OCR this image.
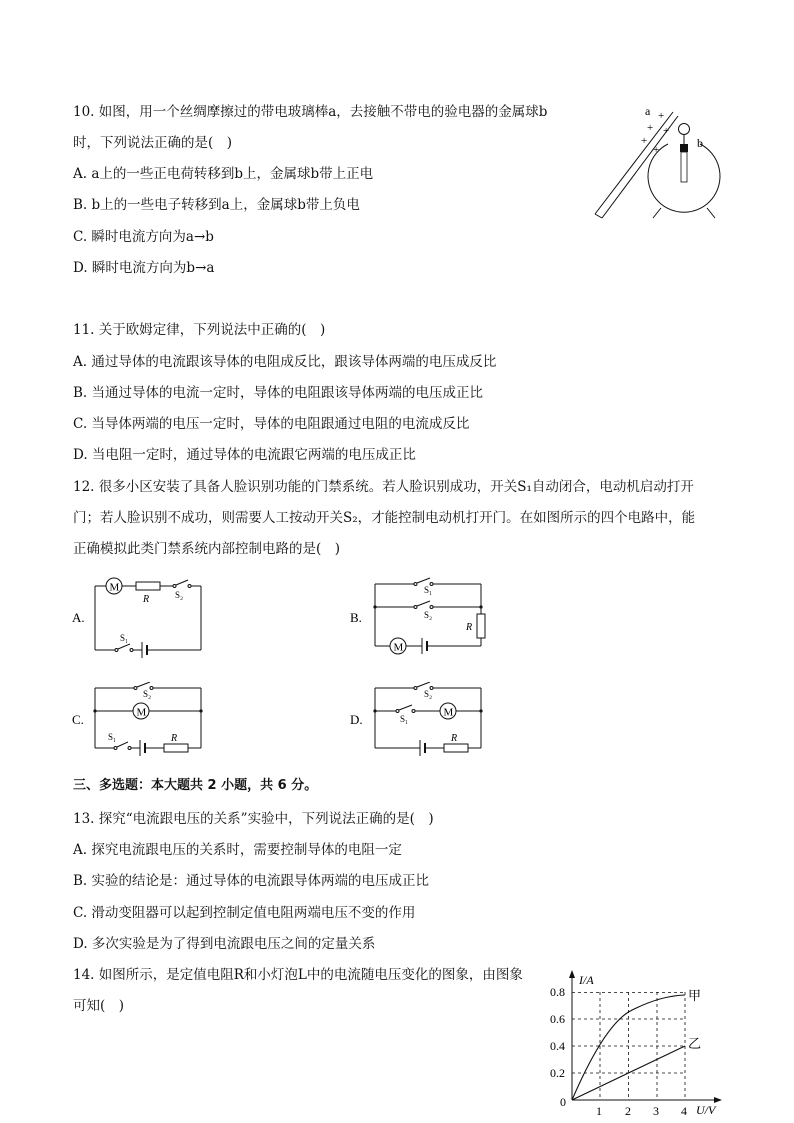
10. 如图，用一个丝绸摩擦过的带电玻璃棒a，去接触不带电的验电器的金属球b
时，下列说法正确的是(　)
A. a上的一些正电荷转移到b上，金属球b带上正电
B. b上的一些电子转移到a上，金属球b带上负电
C. 瞬时电流方向为a→b
D. 瞬时电流方向为b→a
a +
+ +
+
+	b
11. 关于欧姆定律，下列说法中正确的(　)
A. 通过导体的电流跟该导体的电阻成反比，跟该导体两端的电压成反比
B. 当通过导体的电流一定时，导体的电阻跟该导体两端的电压成正比
C. 当导体两端的电压一定时，导体的电阻跟通过电阻的电流成反比
D. 当电阻一定时，通过导体的电流跟它两端的电压成正比
12. 很多小区安装了具备人脸识别功能的门禁系统。若人脸识别成功，开关S₁自动闭合，电动机启动打开
门；若人脸识别不成功，则需要人工按动开关S₂，才能控制电动机打开门。在如图所示的四个电路中，能
正确模拟此类门禁系统内部控制电路的是(　)
A.
M
R	S₂
S₁
B.
S₁
S₂
R
M
C.
S₂
M
S₁	R
D.
S₂
S₁
M
R
三、多选题：本大题共 2 小题，共 6 分。
13. 探究“电流跟电压的关系”实验中，下列说法正确的是(　)
A. 探究电流跟电压的关系时，需要控制导体的电阻一定
B. 实验的结论是：通过导体的电流跟导体两端的电压成正比
C. 滑动变阻器可以起到控制定值电阻两端电压不变的作用
D. 多次实验是为了得到电流跟电压之间的定量关系
14. 如图所示，是定值电阻R和小灯泡L中的电流随电压变化的图象，由图象
可知(　)
I/A
U/V
0
0.2
0.4
0.6
0.8
1 2 3 4
甲
乙
